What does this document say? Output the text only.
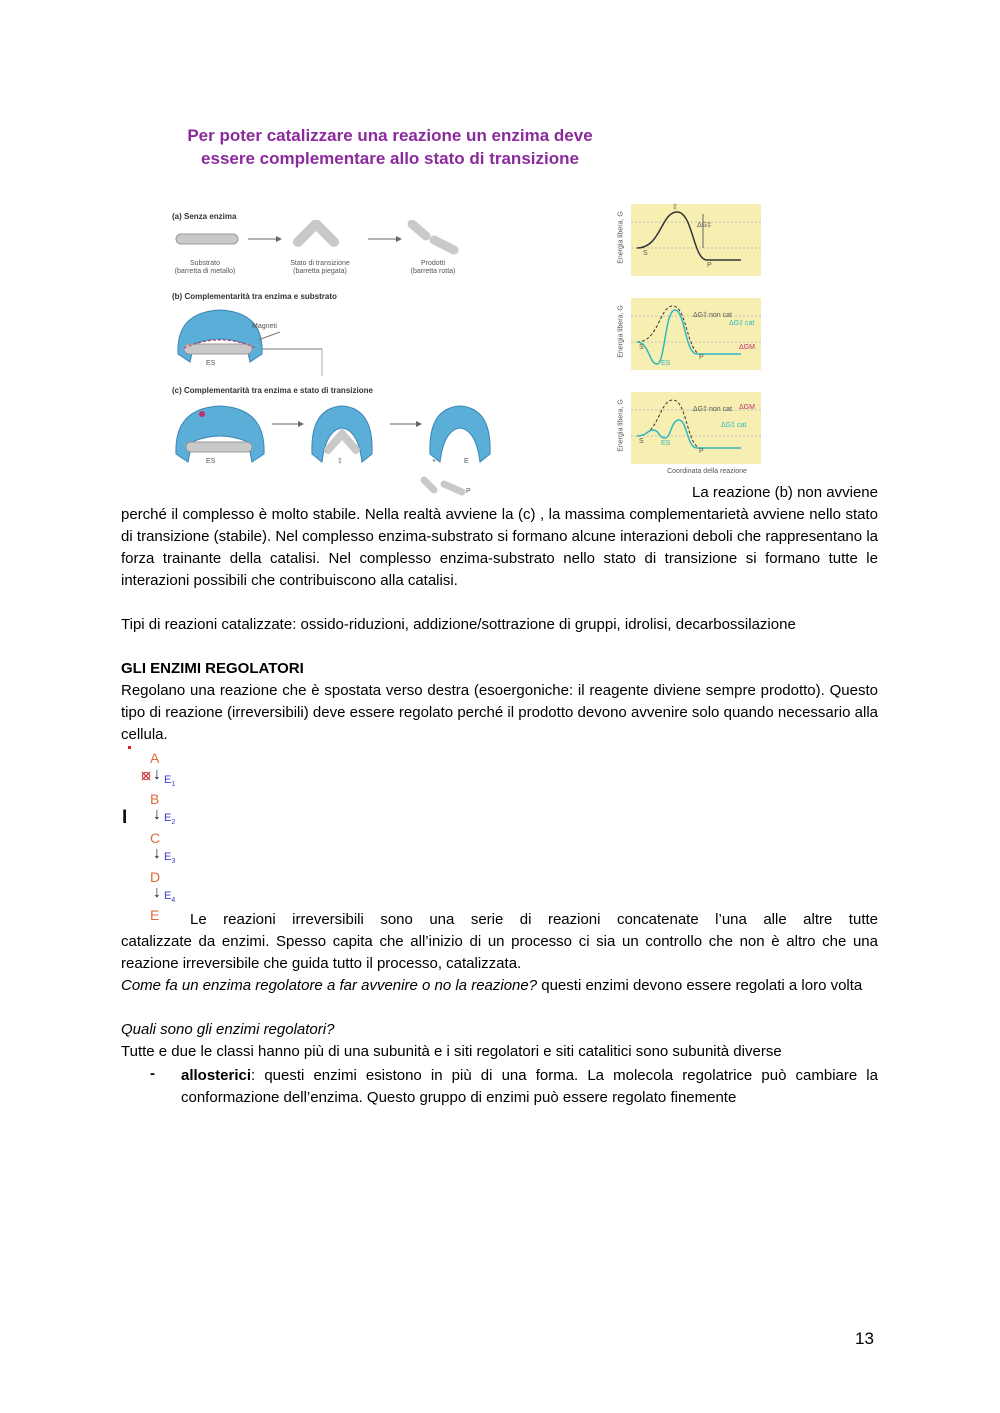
Per poter catalizzare una reazione un enzima deve
essere complementare allo stato di transizione
(a) Senza enzima
Substrato
(barretta di metallo)
Stato di transizione
(barretta piegata)
Prodotti
(barretta rotta)
(b) Complementarità tra enzima e substrato
Magneti
ES
(c) Complementarità tra enzima e stato di transizione
ES	‡	+	E
P
Energia libera, G	ΔG‡
‡
S
P
Energia libera, G	ΔG‡ non cat
ΔG‡ cat
ΔGM
S
ES
P
Energia libera, G	ΔG‡ non cat
ΔG‡ cat
ΔGM
S ES
P
Coordinata della reazione
La reazione (b) non avviene
perché il complesso è molto stabile. Nella realtà avviene la (c) , la massima complementarietà avviene nello stato di transizione (stabile). Nel complesso enzima-substrato si formano alcune interazioni deboli che rappresentano la forza trainante della catalisi. Nel complesso enzima-substrato nello stato di transizione si formano tutte le interazioni possibili che contribuiscono alla catalisi.
Tipi di reazioni catalizzate: ossido-riduzioni, addizione/sottrazione di gruppi, idrolisi, decarbossilazione
GLI ENZIMI REGOLATORI
Regolano una reazione che è spostata verso destra (esoergoniche: il reagente diviene sempre prodotto). Questo tipo di reazione (irreversibili) deve essere regolato perché il prodotto devono avvenire solo quando necessario alla cellula.
I
A
↓ $E_1$
B
↓ $E_2$
C
↓ $E_3$
D
↓ $E_4$
E Le reazioni irreversibili sono una serie di reazioni concatenate l’una alle altre tutte
catalizzate da enzimi. Spesso capita che all’inizio di un processo ci sia un controllo che non è altro che una reazione irreversibile che guida tutto il processo, catalizzata.
Come fa un enzima regolatore a far avvenire o no la reazione? questi enzimi devono essere regolati a loro volta
Quali sono gli enzimi regolatori?
Tutte e due le classi hanno più di una subunità e i siti regolatori e siti catalitici sono subunità diverse
- allosterici: questi enzimi esistono in più di una forma. La molecola regolatrice può cambiare la conformazione dell’enzima. Questo gruppo di enzimi può essere regolato finemente
13
